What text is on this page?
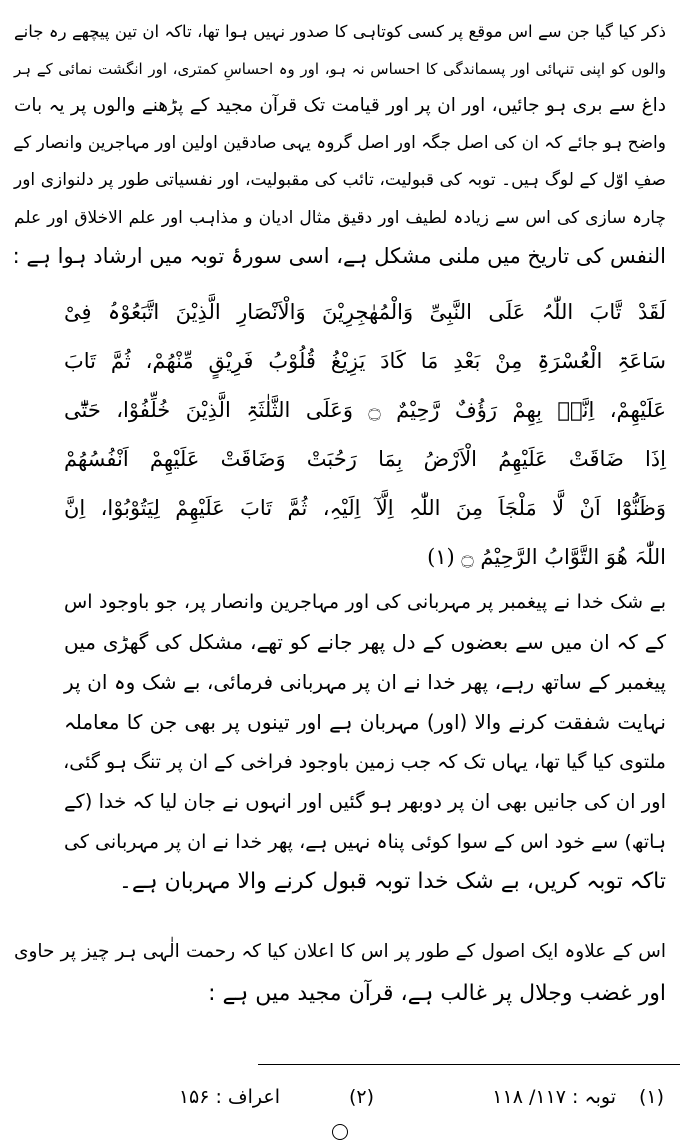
ذکر کیا گیا جن سے اس موقع پر کسی کوتاہی کا صدور نہیں ہوا تھا، تاکہ ان تین پیچھے رہ جانے
والوں کو اپنی تنہائی اور پسماندگی کا احساس نہ ہو، اور وہ احساسِ کمتری، اور انگشت نمائی کے ہر
داغ سے بری ہو جائیں، اور ان پر اور قیامت تک قرآن مجید کے پڑھنے والوں پر یہ بات
واضح ہو جائے کہ ان کی اصل جگہ اور اصل گروہ یہی صادقین اولین اور مہاجرین وانصار کے
صفِ اوّل کے لوگ ہیں۔ توبہ کی قبولیت، تائب کی مقبولیت، اور نفسیاتی طور پر دلنوازی اور
چارہ سازی کی اس سے زیادہ لطیف اور دقیق مثال ادیان و مذاہب اور علم الاخلاق اور علم
النفس کی تاریخ میں ملنی مشکل ہے، اسی سورۂ توبہ میں ارشاد ہوا ہے :
لَقَدْ تَّابَ اللّٰہُ عَلَی النَّبِیِّ وَالْمُھٰجِرِیْنَ وَالْاَنْصَارِ الَّذِیْنَ اتَّبَعُوْہُ فِیْ
سَاعَۃِ الْعُسْرَۃِ مِنْ بَعْدِ مَا کَادَ یَزِیْغُ قُلُوْبُ فَرِیْقٍ مِّنْھُمْ، ثُمَّ تَابَ
عَلَیْھِمْ، اِنَّہٗ بِھِمْ رَؤُفٌ رَّحِیْمٌ ۝ وَعَلَی الثَّلٰثَۃِ الَّذِیْنَ خُلِّفُوْا، حَتّٰٓی
اِذَا ضَاقَتْ عَلَیْھِمُ الْاَرْضُ بِمَا رَحُبَتْ وَضَاقَتْ عَلَیْھِمْ اَنْفُسُھُمْ
وَظَنُّوْٓا اَنْ لَّا مَلْجَاَ مِنَ اللّٰہِ اِلَّآ اِلَیْہِ، ثُمَّ تَابَ عَلَیْھِمْ لِیَتُوْبُوْا، اِنَّ
اللّٰہَ ھُوَ التَّوَّابُ الرَّحِیْمُ ۝ (۱)
بے شک خدا نے پیغمبر پر مہربانی کی اور مہاجرین وانصار پر، جو باوجود اس
کے کہ ان میں سے بعضوں کے دل پھر جانے کو تھے، مشکل کی گھڑی میں
پیغمبر کے ساتھ رہے، پھر خدا نے ان پر مہربانی فرمائی، بے شک وہ ان پر
نہایت شفقت کرنے والا (اور) مہربان ہے اور تینوں پر بھی جن کا معاملہ
ملتوی کیا گیا تھا، یہاں تک کہ جب زمین باوجود فراخی کے ان پر تنگ ہو گئی،
اور ان کی جانیں بھی ان پر دوبھر ہو گئیں اور انہوں نے جان لیا کہ خدا (کے
ہاتھ) سے خود اس کے سوا کوئی پناہ نہیں ہے، پھر خدا نے ان پر مہربانی کی
تاکہ توبہ کریں، بے شک خدا توبہ قبول کرنے والا مہربان ہے۔
اس کے علاوہ ایک اصول کے طور پر اس کا اعلان کیا کہ رحمت الٰہی ہر چیز پر حاوی
اور غضب وجلال پر غالب ہے، قرآن مجید میں ہے :
(۱)
توبہ : ۱۱۷/ ۱۱۸
(۲)
اعراف : ۱۵۶
